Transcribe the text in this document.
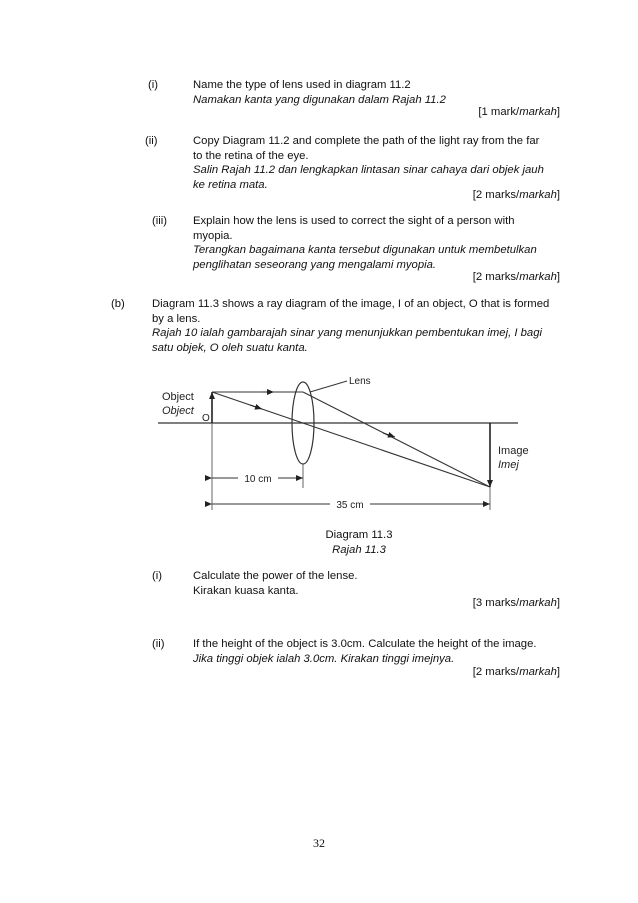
(i)	Name the type of lens used in diagram 11.2
Namakan kanta yang digunakan dalam Rajah 11.2
[1 mark/markah]
(ii)	Copy Diagram 11.2 and complete the path of the light ray from the far
to the retina of the eye.
Salin Rajah 11.2 dan lengkapkan lintasan sinar cahaya dari objek jauh
ke retina mata.
[2 marks/markah]
(iii) Explain how the lens is used to correct the sight of a person with
myopia.
Terangkan bagaimana kanta tersebut digunakan untuk membetulkan
penglihatan seseorang yang mengalami myopia.
[2 marks/markah]
(b) Diagram 11.3 shows a ray diagram of the image, I of an object, O that is formed
by a lens.
Rajah 10 ialah gambarajah sinar yang menunjukkan pembentukan imej, I bagi
satu objek, O oleh suatu kanta.
Object
Object
O
Lens
Image
Imej
10 cm
35 cm
Diagram 11.3
Rajah 11.3
(i)	Calculate the power of the lense.
Kirakan kuasa kanta.
[3 marks/markah]
(ii)	If the height of the object is 3.0cm. Calculate the height of the image.
Jika tinggi objek ialah 3.0cm. Kirakan tinggi imejnya.
[2 marks/markah]
32
